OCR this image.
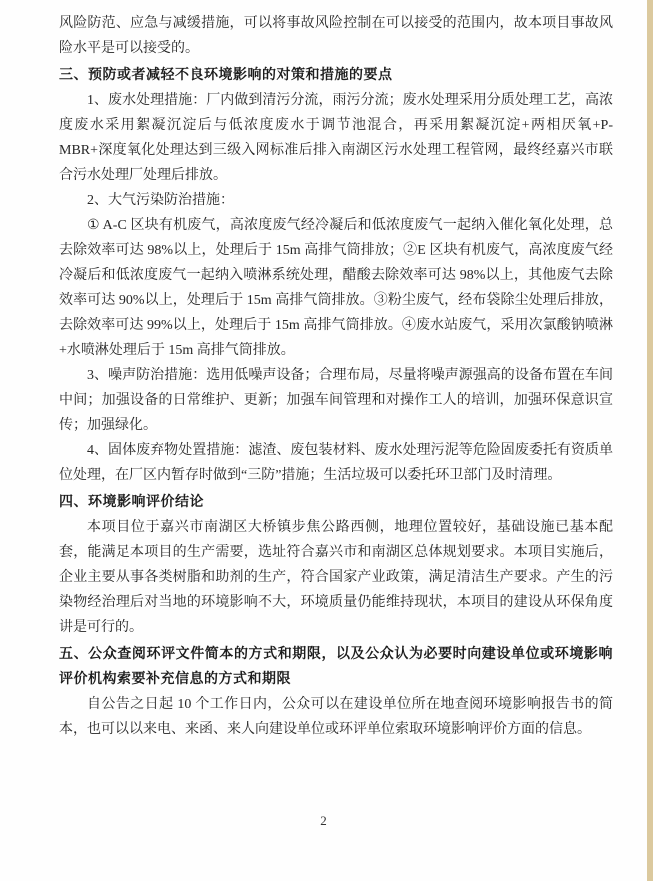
风险防范、应急与减缓措施，可以将事故风险控制在可以接受的范围内，故本项目事故风险水平是可以接受的。

三、预防或者减轻不良环境影响的对策和措施的要点

1、废水处理措施：厂内做到清污分流，雨污分流；废水处理采用分质处理工艺，高浓度废水采用絮凝沉淀后与低浓度废水于调节池混合，再采用絮凝沉淀+两相厌氧+P-MBR+深度氧化处理达到三级入网标准后排入南湖区污水处理工程管网，最终经嘉兴市联合污水处理厂处理后排放。

2、大气污染防治措施：

① A-C 区块有机废气，高浓度废气经冷凝后和低浓度废气一起纳入催化氧化处理，总去除效率可达 98%以上，处理后于 15m 高排气筒排放；②E 区块有机废气，高浓度废气经冷凝后和低浓度废气一起纳入喷淋系统处理，醋酸去除效率可达 98%以上，其他废气去除效率可达 90%以上，处理后于 15m 高排气筒排放。③粉尘废气，经布袋除尘处理后排放，去除效率可达 99%以上，处理后于 15m 高排气筒排放。④废水站废气，采用次氯酸钠喷淋+水喷淋处理后于 15m 高排气筒排放。

3、噪声防治措施：选用低噪声设备；合理布局，尽量将噪声源强高的设备布置在车间中间；加强设备的日常维护、更新；加强车间管理和对操作工人的培训，加强环保意识宣传；加强绿化。

4、固体废弃物处置措施：滤渣、废包装材料、废水处理污泥等危险固废委托有资质单位处理，在厂区内暂存时做到“三防”措施；生活垃圾可以委托环卫部门及时清理。

四、环境影响评价结论

本项目位于嘉兴市南湖区大桥镇步焦公路西侧，地理位置较好，基础设施已基本配套，能满足本项目的生产需要，选址符合嘉兴市和南湖区总体规划要求。本项目实施后，企业主要从事各类树脂和助剂的生产，符合国家产业政策，满足清洁生产要求。产生的污染物经治理后对当地的环境影响不大，环境质量仍能维持现状，本项目的建设从环保角度讲是可行的。

五、公众查阅环评文件简本的方式和期限，以及公众认为必要时向建设单位或环境影响评价机构索要补充信息的方式和期限

自公告之日起 10 个工作日内，公众可以在建设单位所在地查阅环境影响报告书的简本，也可以以来电、来函、来人向建设单位或环评单位索取环境影响评价方面的信息。

2
